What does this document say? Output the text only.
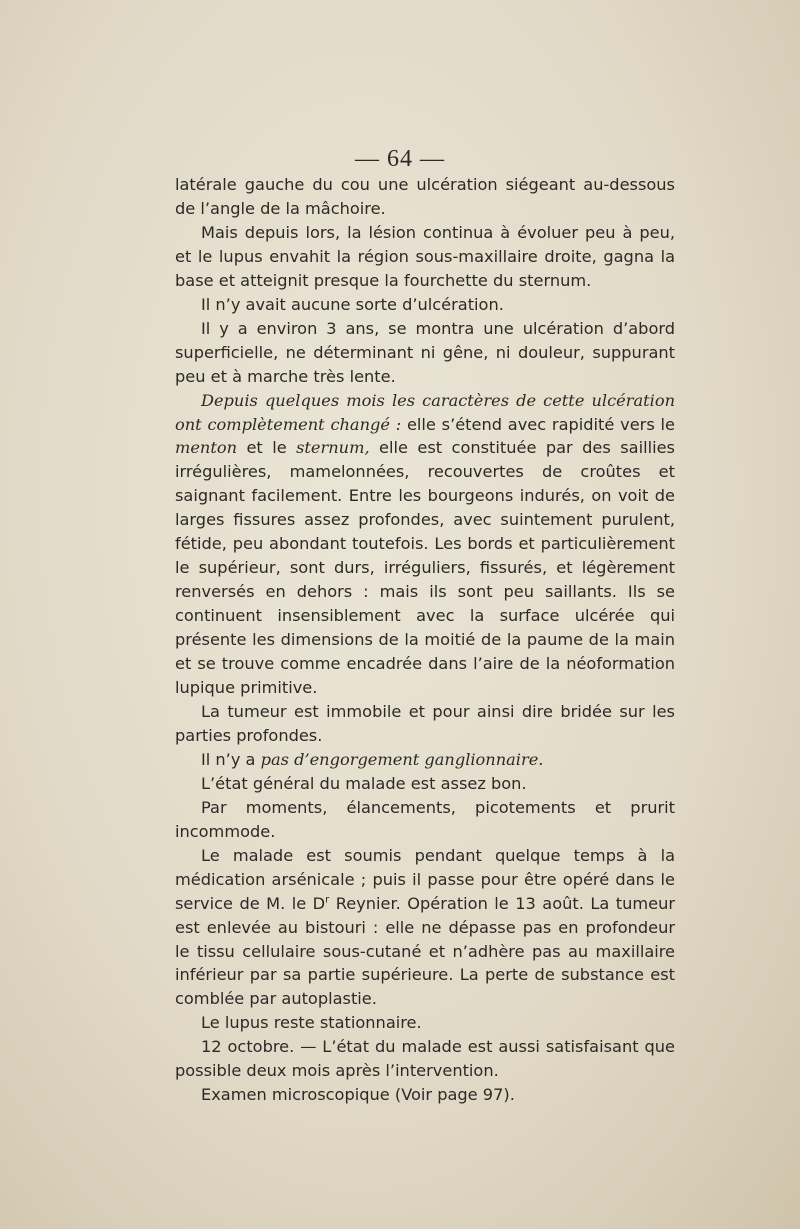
— 64 —

latérale gauche du cou une ulcération siégeant au-dessous de l’angle de la mâchoire.

Mais depuis lors, la lésion continua à évoluer peu à peu, et le lupus envahit la région sous-maxillaire droite, gagna la base et atteignit presque la fourchette du sternum.

Il n’y avait aucune sorte d’ulcération.

Il y a environ 3 ans, se montra une ulcération d’abord superficielle, ne déterminant ni gêne, ni douleur, suppurant peu et à marche très lente.

Depuis quelques mois les caractères de cette ulcération ont complètement changé : elle s’étend avec rapidité vers le menton et le sternum, elle est constituée par des saillies irrégulières, mamelonnées, recouvertes de croûtes et saignant facilement. Entre les bourgeons indurés, on voit de larges fissures assez profondes, avec suintement purulent, fétide, peu abondant toutefois. Les bords et particulièrement le supérieur, sont durs, irréguliers, fissurés, et légèrement renversés en dehors : mais ils sont peu saillants. Ils se continuent insensiblement avec la surface ulcérée qui présente les dimensions de la moitié de la paume de la main et se trouve comme encadrée dans l’aire de la néoformation lupique primitive.

La tumeur est immobile et pour ainsi dire bridée sur les parties profondes.

Il n’y a pas d’engorgement ganglionnaire.

L’état général du malade est assez bon.

Par moments, élancements, picotements et prurit incommode.

Le malade est soumis pendant quelque temps à la médication arsénicale ; puis il passe pour être opéré dans le service de M. le $D^r$ Reynier. Opération le 13 août. La tumeur est enlevée au bistouri : elle ne dépasse pas en profondeur le tissu cellulaire sous-cutané et n’adhère pas au maxillaire inférieur par sa partie supérieure. La perte de substance est comblée par autoplastie.

Le lupus reste stationnaire.

12 octobre. — L’état du malade est aussi satisfaisant que possible deux mois après l’intervention.

Examen microscopique (Voir page 97).
